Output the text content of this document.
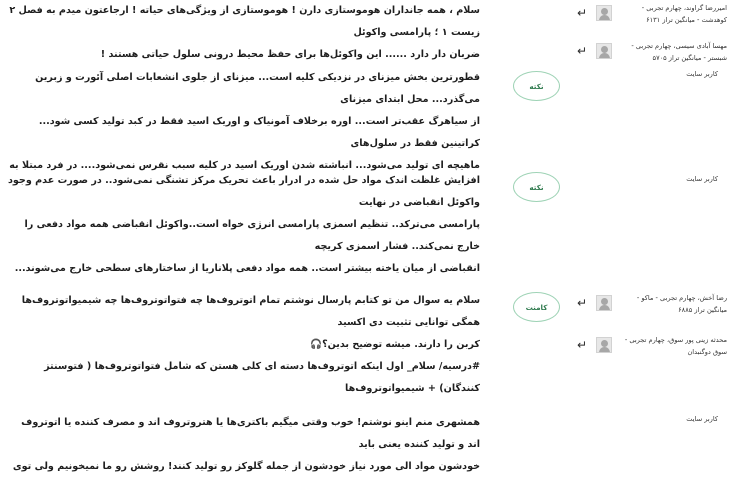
سلام ، همه جانداران هوموستازی دارن ! هوموستازی از ویژگی‌های حیاته ! ارجاعتون میدم به فصل ۲ زیست ۱ ؛ پارامسی واکوئل
ضربان دار دارد ...... این واکوئل‌ها برای حفظ محیط درونی سلول حیاتی هستند !

↵	امیررضا گراوند، چهارم تجربی - کوهدشت - میانگین تراز ۶۱۳۱
↵	مهسا آبادی سیسی، چهارم تجربی - شبستر - میانگین تراز ۵۷۰۵
کاربر سایت
قطورترین بخش میزنای در نزدیکی کلیه است... میزنای از جلوی انشعابات اصلی آئورت و زبرین می‌گذرد... محل ابتدای میزنای
از سیاهرگ عقب‌تر است... اوره برخلاف آمونیاک و اوریک اسید فقط در کبد تولید کسی شود... کراتینین فقط در سلول‌های
ماهیچه ای تولید می‌شود... انباشته شدن اوریک اسید در کلیه سبب نقرس نمی‌شود.... در فرد مبتلا به

نکته
افزایش غلظت اندک مواد حل شده در ادرار باعث تحریک مرکز تشنگی نمی‌شود.. در صورت عدم وجود واکوئل انقباضی در نهایت
پارامسی می‌ترکد.. تنظیم اسمزی پارامسی انرژی خواه است..واکوئل انقباضی همه مواد دفعی را خارج نمی‌کند.. فشار اسمزی کریچه
انقباضی از میان یاخته بیشتر است.. همه مواد دفعی پلاناریا از ساختارهای سطحی خارج می‌شوند...

نکته
کاربر سایت
سلام یه سوال من تو کتابم پارسال نوشتم تمام اتوتروف‌ها چه فتواتوتروف‌ها چه شیمیواتوتروف‌ها همگی توانایی تثبیت دی اکسید
کربن را دارند. میشه توضیح بدین؟🎧
#درسیه/ سلام_ اول اینکه اتوتروف‌ها دسته ای کلی هستن که شامل فتواتوتروف‌ها ( فتوسنتز کنندگان) + شیمیواتوتروف‌ها

کامنت	↵	رضا آخش، چهارم تجربی - ماکو - میانگین تراز ۶۸۸۵
↵	محدثه زینی پور سوق، چهارم تجربی - سوق دوگنبدان
همشهری منم اینو نوشتم! خوب وقتی میگیم باکتری‌ها یا هتروتروف اند و مصرف کننده یا اتوتروف اند و تولید کننده یعنی باید
خودشون مواد الی مورد نیاز خودشون از جمله گلوکز رو تولید کنند! روشش رو ما نمیخونیم ولی توی

کاربر سایت
